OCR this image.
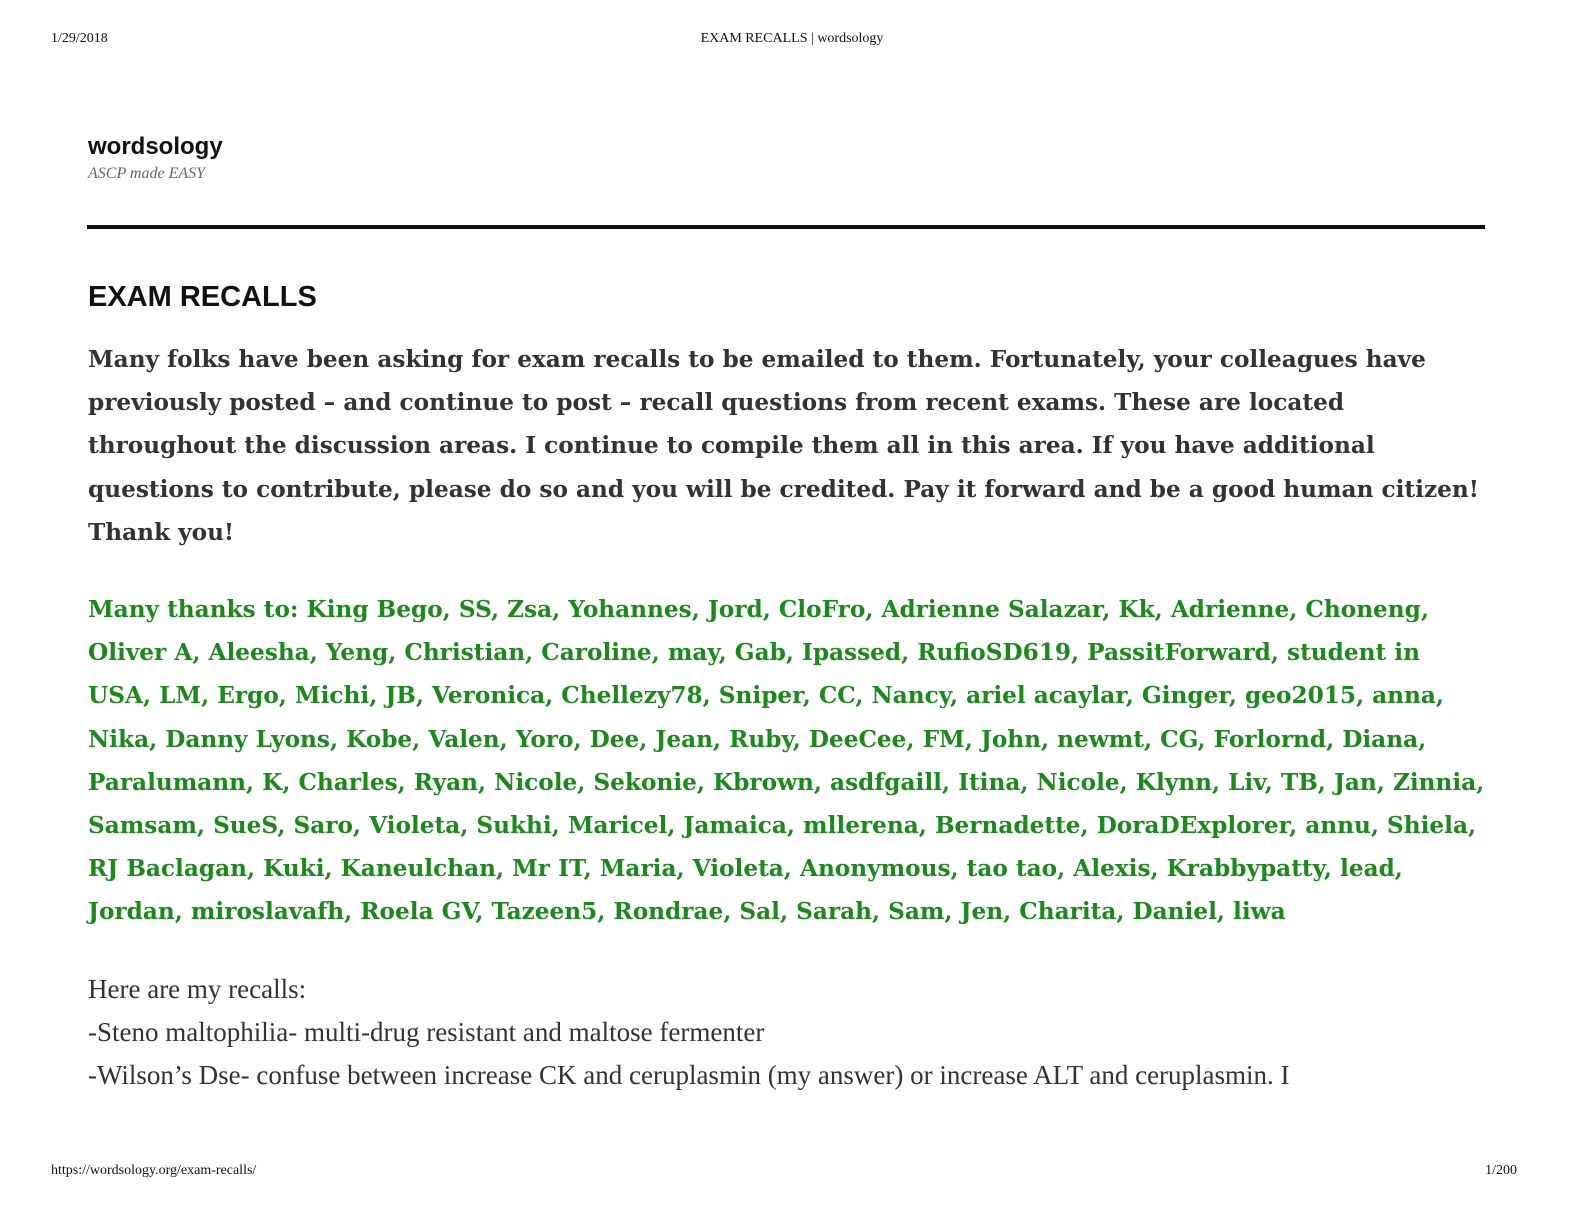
1/29/2018	EXAM RECALLS | wordsology
wordsology
ASCP made EASY
EXAM RECALLS

Many folks have been asking for exam recalls to be emailed to them. Fortunately, your colleagues have previously posted – and continue to post – recall questions from recent exams. These are located throughout the discussion areas. I continue to compile them all in this area. If you have additional questions to contribute, please do so and you will be credited. Pay it forward and be a good human citizen! Thank you!

Many thanks to: King Bego, SS, Zsa, Yohannes, Jord, CloFro, Adrienne Salazar, Kk, Adrienne, Choneng, Oliver A, Aleesha, Yeng, Christian, Caroline, may, Gab, Ipassed, RufioSD619, PassitForward, student in USA, LM, Ergo, Michi, JB, Veronica, Chellezy78, Sniper, CC, Nancy, ariel acaylar, Ginger, geo2015, anna, Nika, Danny Lyons, Kobe, Valen, Yoro, Dee, Jean, Ruby, DeeCee, FM, John, newmt, CG, Forlornd, Diana, Paralumann, K, Charles, Ryan, Nicole, Sekonie, Kbrown, asdfgaill, Itina, Nicole, Klynn, Liv, TB, Jan, Zinnia, Samsam, SueS, Saro, Violeta, Sukhi, Maricel, Jamaica, mllerena, Bernadette, DoraDExplorer, annu, Shiela, RJ Baclagan, Kuki, Kaneulchan, Mr IT, Maria, Violeta, Anonymous, tao tao, Alexis, Krabbypatty, lead, Jordan, miroslavafh, Roela GV, Tazeen5, Rondrae, Sal, Sarah, Sam, Jen, Charita, Daniel, liwa

Here are my recalls:
-Steno maltophilia- multi-drug resistant and maltose fermenter
-Wilson’s Dse- confuse between increase CK and ceruplasmin (my answer) or increase ALT and ceruplasmin. I
https://wordsology.org/exam-recalls/	1/200
